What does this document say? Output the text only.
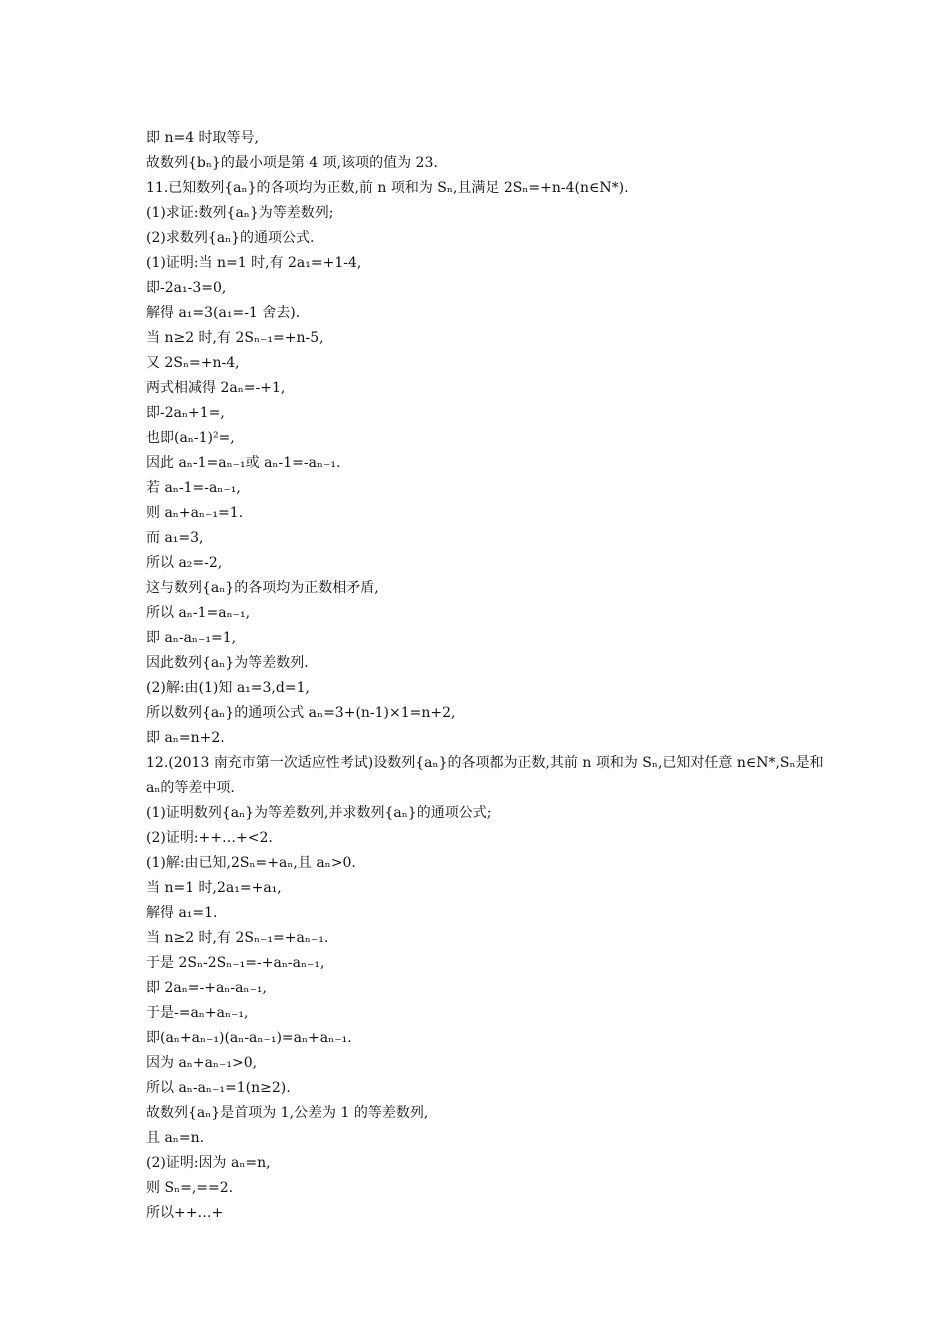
即 n=4 时取等号,
故数列{bₙ}的最小项是第 4 项,该项的值为 23.
11.已知数列{aₙ}的各项均为正数,前 n 项和为 Sₙ,且满足 2Sₙ=+n-4(n∈N*).
(1)求证:数列{aₙ}为等差数列;
(2)求数列{aₙ}的通项公式.
(1)证明:当 n=1 时,有 2a₁=+1-4,
即-2a₁-3=0,
解得 a₁=3(a₁=-1 舍去).
当 n≥2 时,有 2Sₙ₋₁=+n-5,
又 2Sₙ=+n-4,
两式相减得 2aₙ=-+1,
即-2aₙ+1=,
也即(aₙ-1)²=,
因此 aₙ-1=aₙ₋₁或 aₙ-1=-aₙ₋₁.
若 aₙ-1=-aₙ₋₁,
则 aₙ+aₙ₋₁=1.
而 a₁=3,
所以 a₂=-2,
这与数列{aₙ}的各项均为正数相矛盾,
所以 aₙ-1=aₙ₋₁,
即 aₙ-aₙ₋₁=1,
因此数列{aₙ}为等差数列.
(2)解:由(1)知 a₁=3,d=1,
所以数列{aₙ}的通项公式 aₙ=3+(n-1)×1=n+2,
即 aₙ=n+2.
12.(2013 南充市第一次适应性考试)设数列{aₙ}的各项都为正数,其前 n 项和为 Sₙ,已知对任意 n∈N*,Sₙ是和 aₙ的等差中项.
(1)证明数列{aₙ}为等差数列,并求数列{aₙ}的通项公式;
(2)证明:++…+<2.
(1)解:由已知,2Sₙ=+aₙ,且 aₙ>0.
当 n=1 时,2a₁=+a₁,
解得 a₁=1.
当 n≥2 时,有 2Sₙ₋₁=+aₙ₋₁.
于是 2Sₙ-2Sₙ₋₁=-+aₙ-aₙ₋₁,
即 2aₙ=-+aₙ-aₙ₋₁,
于是-=aₙ+aₙ₋₁,
即(aₙ+aₙ₋₁)(aₙ-aₙ₋₁)=aₙ+aₙ₋₁.
因为 aₙ+aₙ₋₁>0,
所以 aₙ-aₙ₋₁=1(n≥2).
故数列{aₙ}是首项为 1,公差为 1 的等差数列,
且 aₙ=n.
(2)证明:因为 aₙ=n,
则 Sₙ=,==2.
所以++…+
